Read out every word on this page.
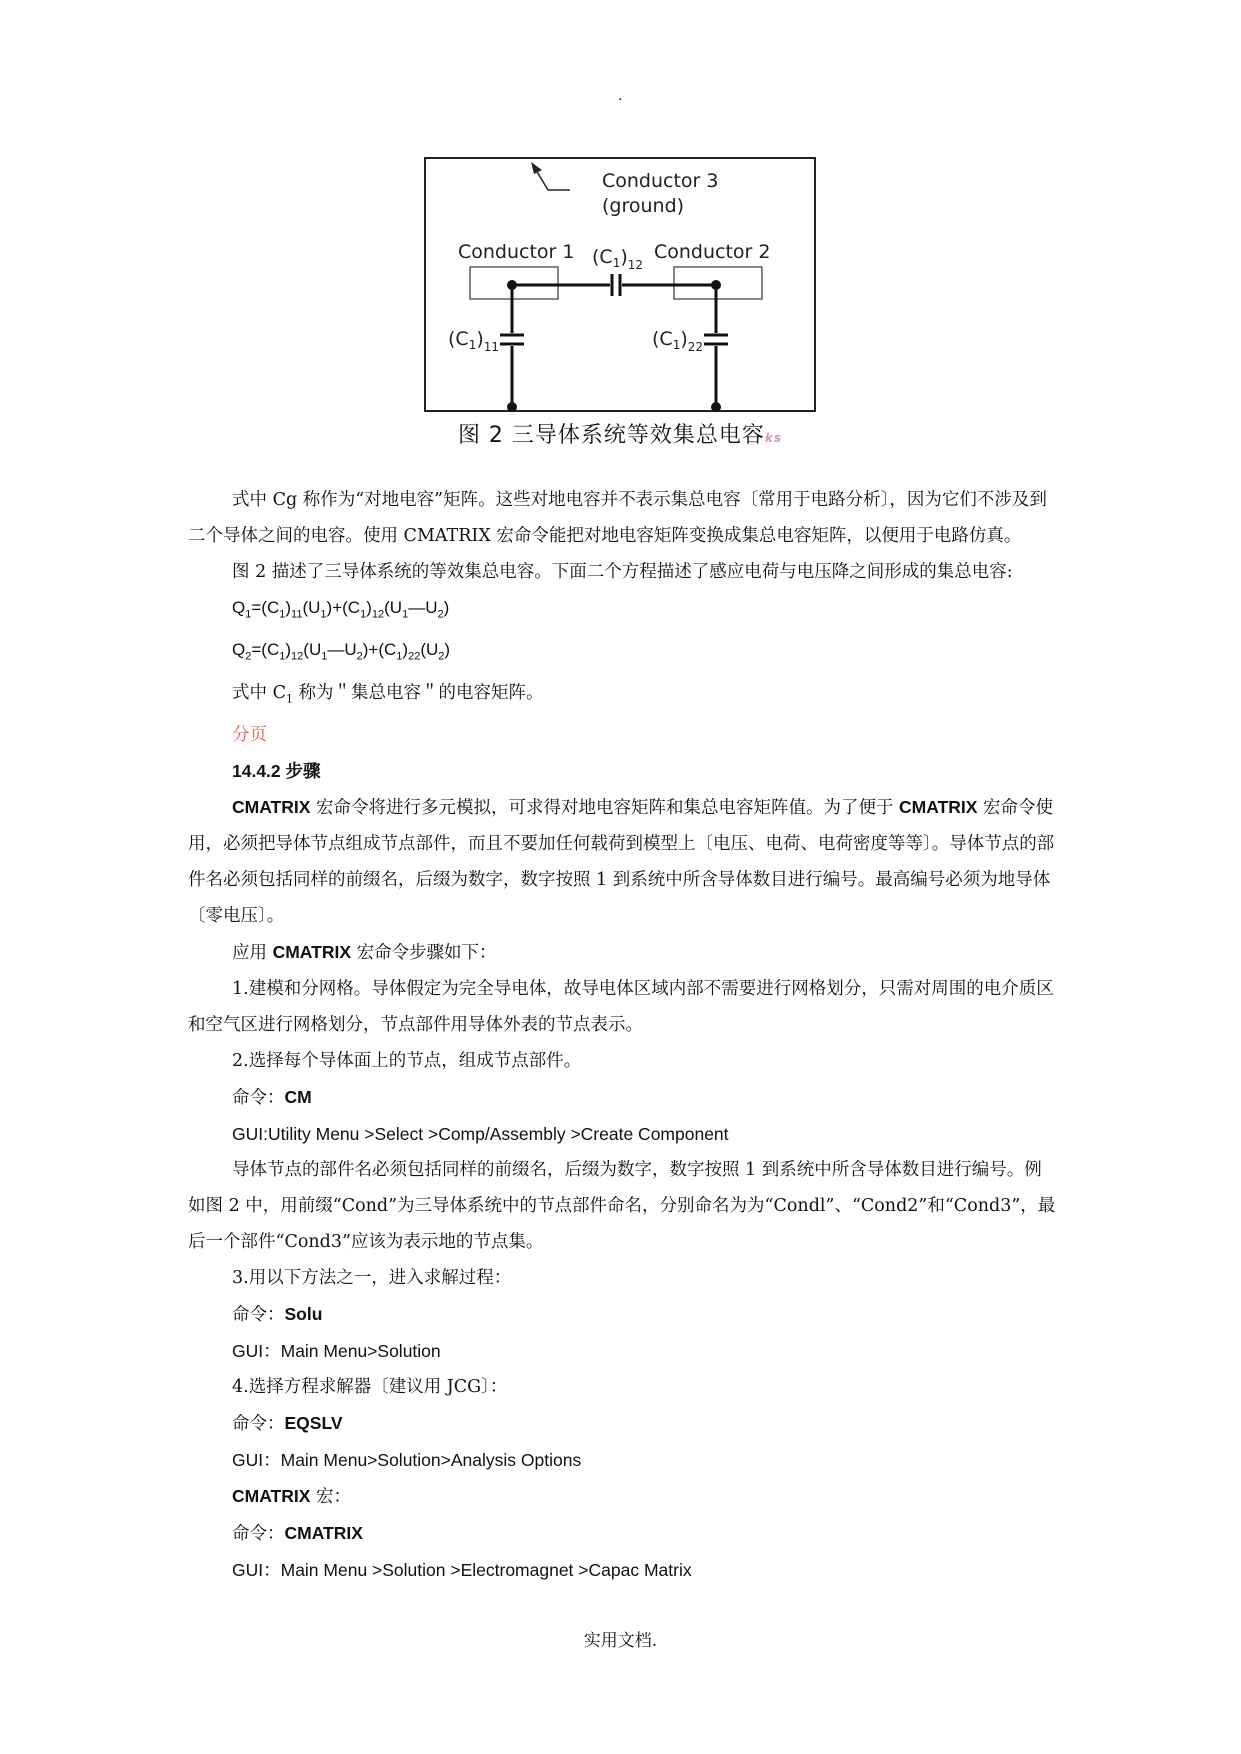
.
Conductor 3
(ground)
Conductor 1	Conductor 2
$(C_1)_{12}$
$(C_1)_{11}$	$(C_1)_{22}$
图 2 三导体系统等效集总电容ks

式中 Cg 称作为“对地电容”矩阵。这些对地电容并不表示集总电容〔常用于电路分析〕，因为它们不涉及到二个导体之间的电容。使用 CMATRIX 宏命令能把对地电容矩阵变换成集总电容矩阵，以便用于电路仿真。

图 2 描述了三导体系统的等效集总电容。下面二个方程描述了感应电荷与电压降之间形成的集总电容:

$Q_1=(C_1)_{11}(U_1)+(C_1)_{12}(U_1—U_2)$

$Q_2=(C_1)_{12}(U_1—U_2)+(C_1)_{22}(U_2)$

式中 $C_1$ 称为＂集总电容＂的电容矩阵。

分页

14.4.2 步骤

CMATRIX 宏命令将进行多元模拟，可求得对地电容矩阵和集总电容矩阵值。为了便于 CMATRIX 宏命令使用，必须把导体节点组成节点部件，而且不要加任何载荷到模型上〔电压、电荷、电荷密度等等〕。导体节点的部件名必须包括同样的前缀名，后缀为数字，数字按照 1 到系统中所含导体数目进行编号。最高编号必须为地导体〔零电压〕。

应用 CMATRIX 宏命令步骤如下：

1.建模和分网格。导体假定为完全导电体，故导电体区域内部不需要进行网格划分，只需对周围的电介质区和空气区进行网格划分，节点部件用导体外表的节点表示。

2.选择每个导体面上的节点，组成节点部件。

命令：CM

GUI:Utility Menu >Select >Comp/Assembly >Create Component

导体节点的部件名必须包括同样的前缀名，后缀为数字，数字按照 1 到系统中所含导体数目进行编号。例如图 2 中，用前缀“Cond”为三导体系统中的节点部件命名，分别命名为为“Condl”、“Cond2”和“Cond3”，最后一个部件“Cond3”应该为表示地的节点集。

3.用以下方法之一，进入求解过程：

命令：Solu

GUI：Main Menu>Solution

4.选择方程求解器〔建议用 JCG〕：

命令：EQSLV

GUI：Main Menu>Solution>Analysis Options

CMATRIX 宏：

命令：CMATRIX

GUI：Main Menu >Solution >Electromagnet >Capac Matrix

实用文档.
